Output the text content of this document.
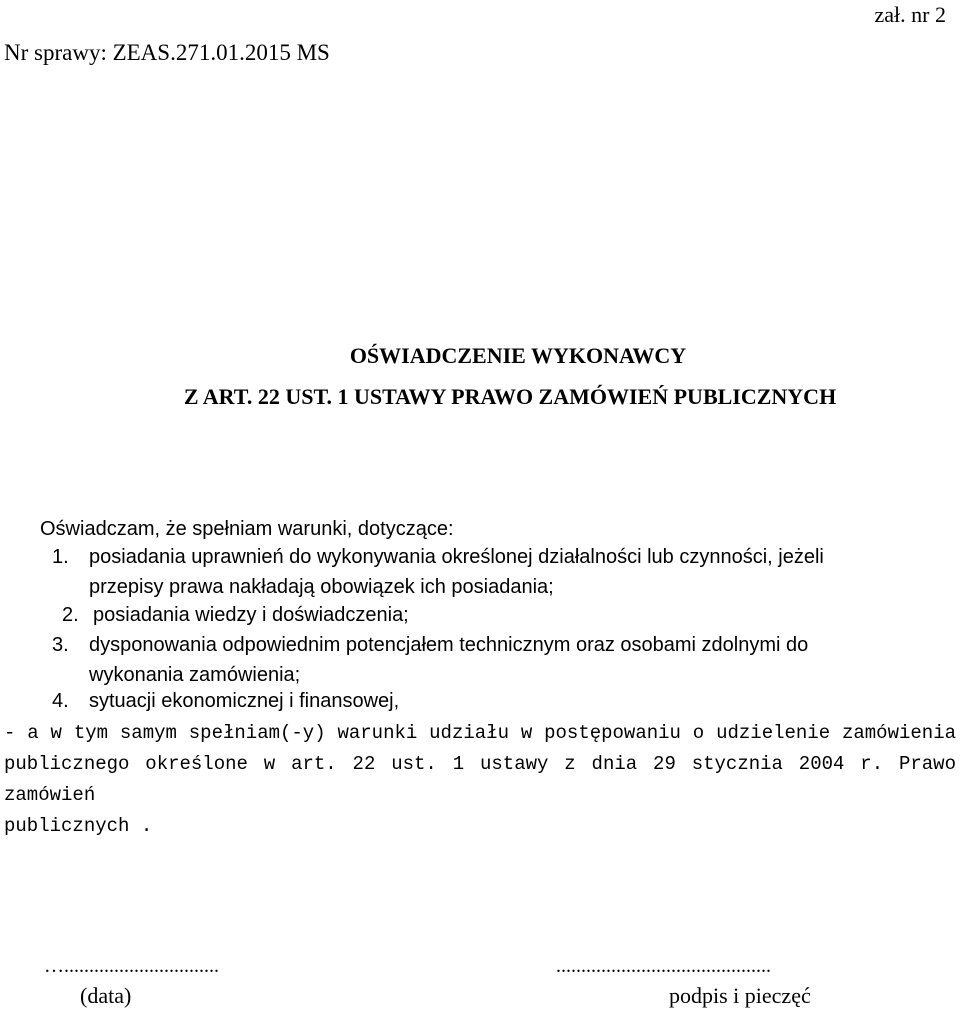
zał. nr 2
Nr sprawy: ZEAS.271.01.2015 MS
OŚWIADCZENIE WYKONAWCY
Z ART. 22 UST. 1 USTAWY PRAWO ZAMÓWIEŃ PUBLICZNYCH
Oświadczam, że spełniam warunki, dotyczące:
1.	posiadania uprawnień do wykonywania określonej działalności lub czynności, jeżeli
przepisy prawa nakładają obowiązek ich posiadania;
2. posiadania wiedzy i doświadczenia;
3.	dysponowania odpowiednim potencjałem technicznym oraz osobami zdolnymi do
wykonania zamówienia;
4.	sytuacji ekonomicznej i finansowej,
- a w tym samym spełniam(-y) warunki udziału w postępowaniu o udzielenie zamówienia publicznego określone w art. 22 ust. 1 ustawy z dnia 29 stycznia 2004 r. Prawo zamówień
publicznych .
…...............................	...........................................
(data)	podpis i pieczęć
